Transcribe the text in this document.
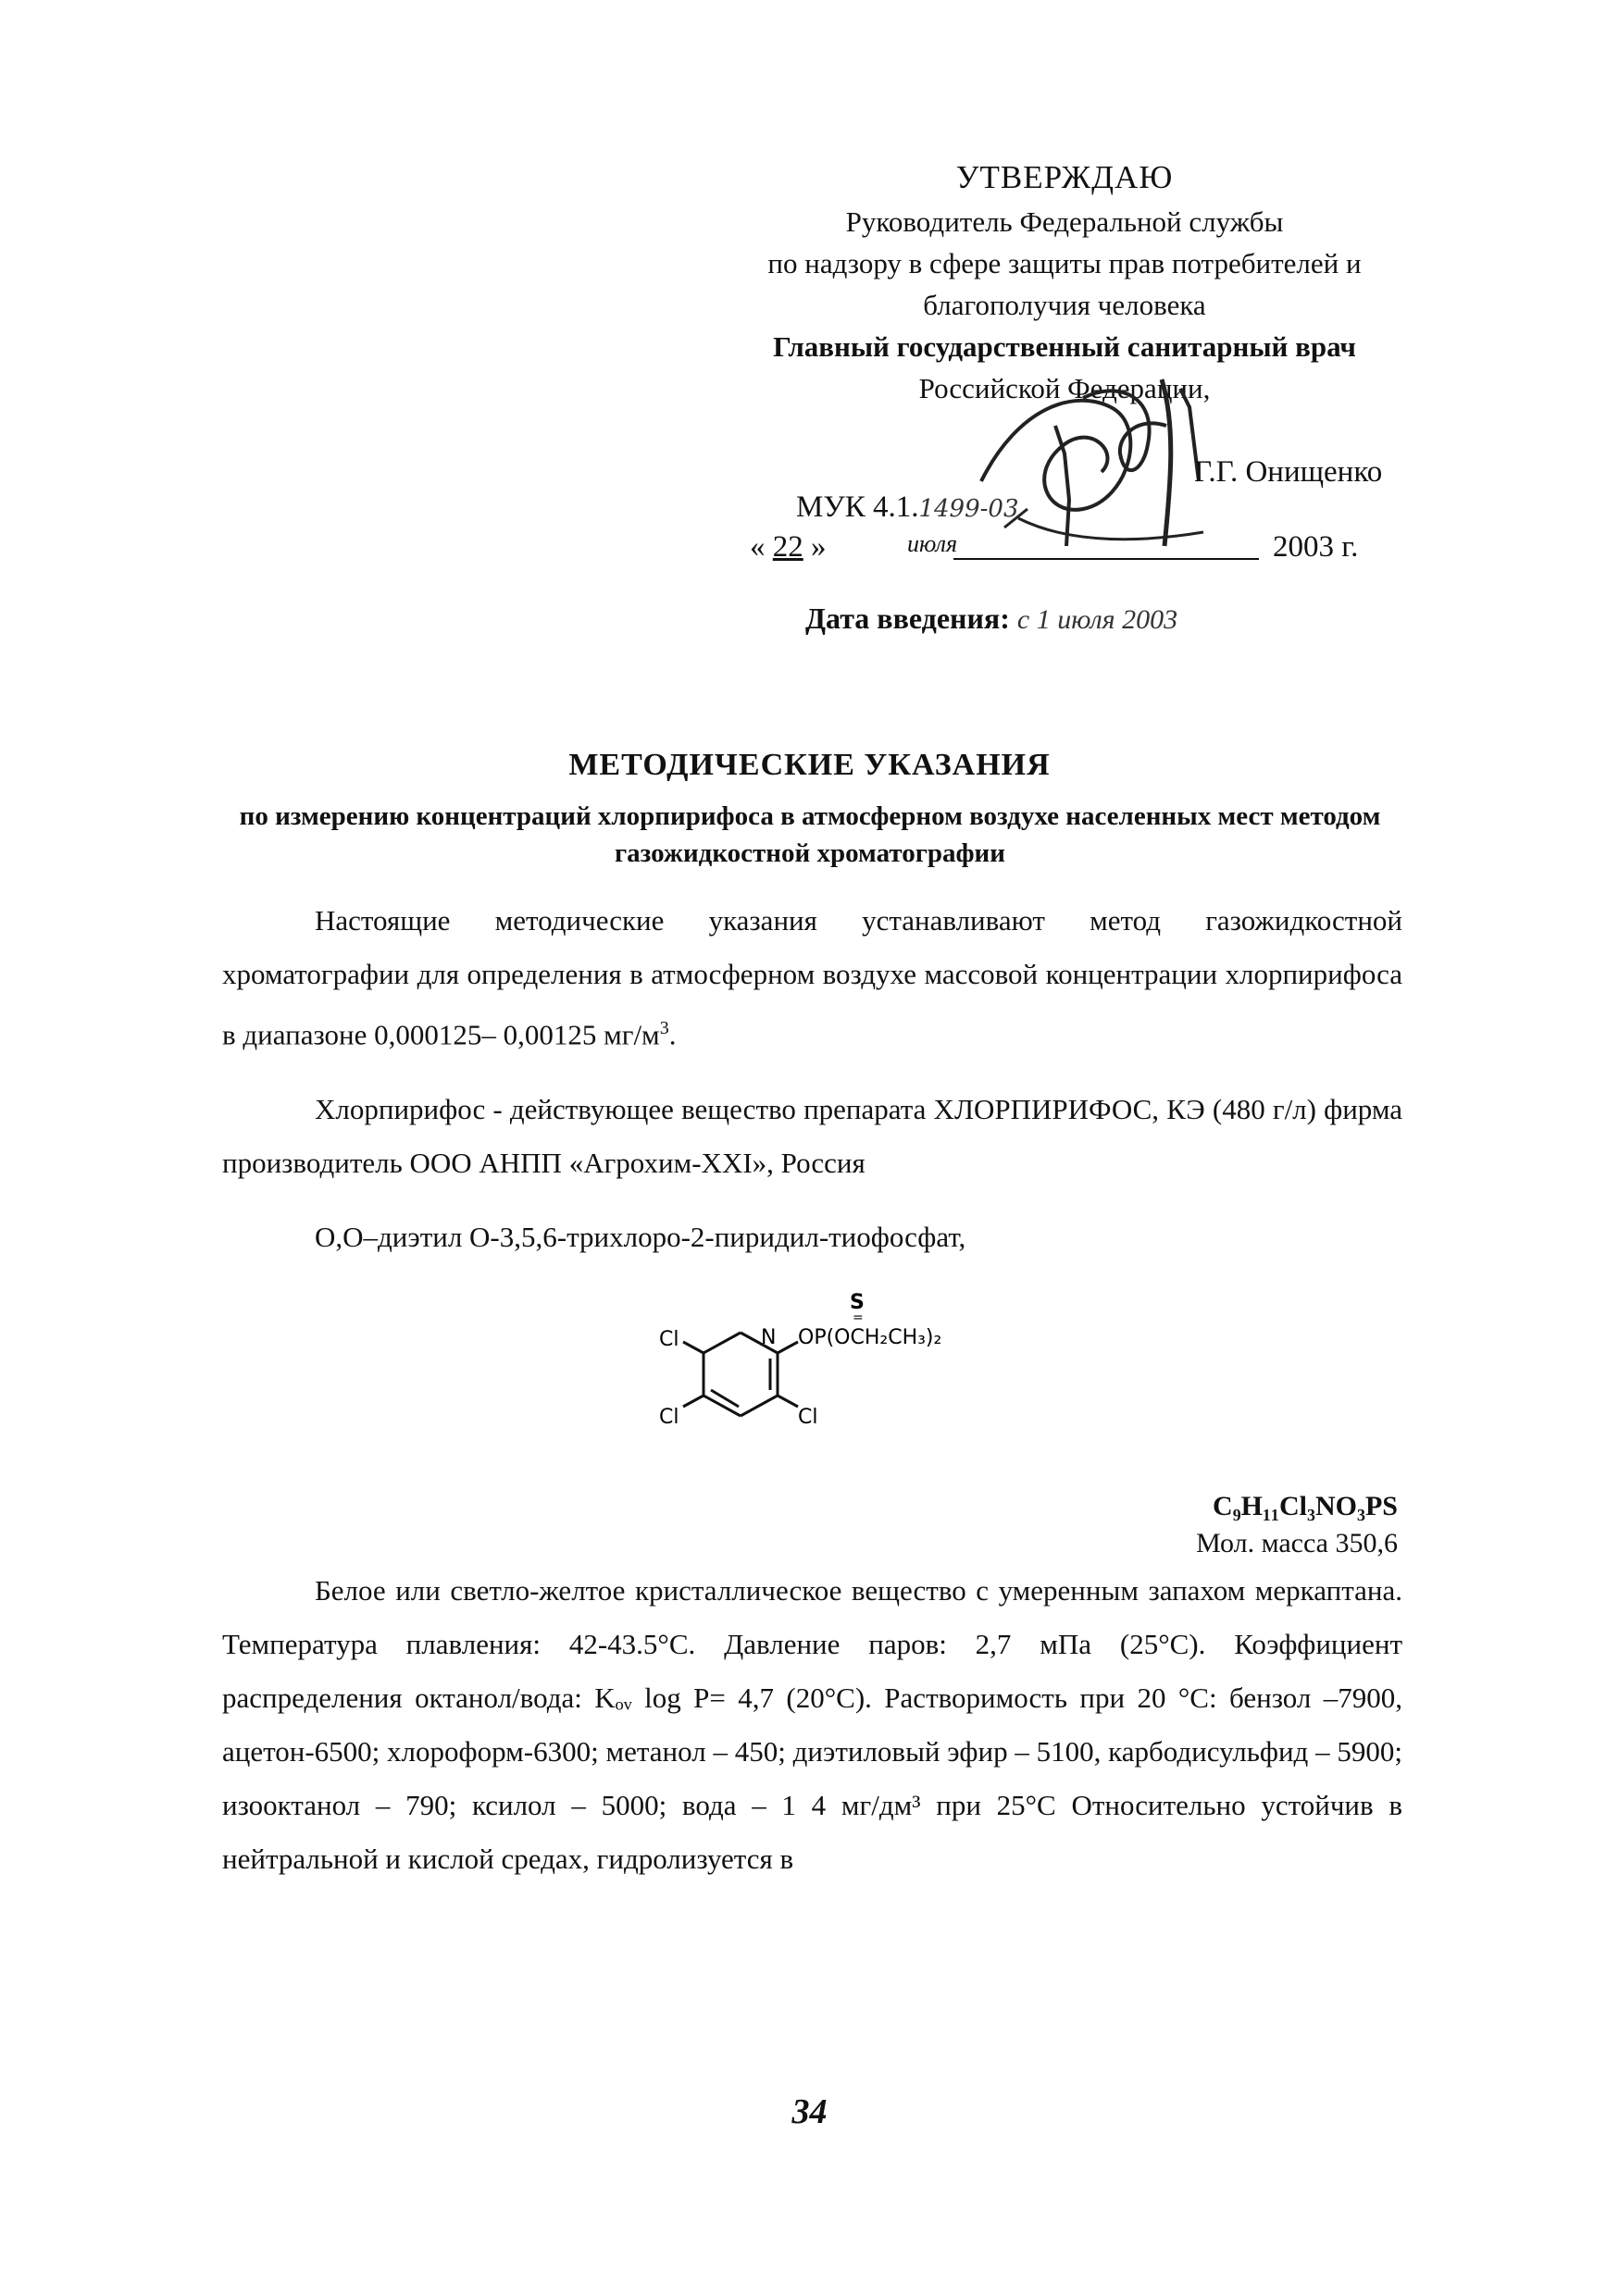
УТВЕРЖДАЮ
Руководитель Федеральной службы
по надзору в сфере защиты прав потребителей и
благополучия человека
Главный государственный санитарный врач
Российской Федерации,
Г.Г. Онищенко
МУК 4.1.1499-03
« 22 »	июля	2003 г.
Дата введения: с 1 июля 2003
МЕТОДИЧЕСКИЕ УКАЗАНИЯ
по измерению концентраций хлорпирифоса в атмосферном воздухе населенных мест методом газожидкостной хроматографии
Настоящие методические указания устанавливают метод газожидкостной хроматографии для определения в атмосферном воздухе массовой концентрации хлорпирифоса в диапазоне 0,000125– 0,00125 $мг/м^3$.
Хлорпирифос - действующее вещество препарата ХЛОРПИРИФОС, КЭ (480 г/л) фирма производитель ООО АНПП «Агрохим-XXI», Россия
О,О–диэтил О-3,5,6-трихлоро-2-пиридил-тиофосфат,
S
=
N
Cl
Cl	Cl
OP(OCH₂CH₃)₂
C₉H₁₁Cl₃NO₃PS
Мол. масса 350,6
Белое или светло-желтое кристаллическое вещество с умеренным запахом меркаптана. Температура плавления: 42-43.5°С. Давление паров: 2,7 мПа (25°С). Коэффициент распределения октанол/вода: Kₒᵥ log P= 4,7 (20°С). Растворимость при 20 °С: бензол –7900, ацетон-6500; хлороформ-6300; метанол – 450; диэтиловый эфир – 5100, карбодисульфид – 5900; изооктанол – 790; ксилол – 5000; вода – 1 4 мг/дм³ при 25°С Относительно устойчив в нейтральной и кислой средах, гидролизуется в
34
